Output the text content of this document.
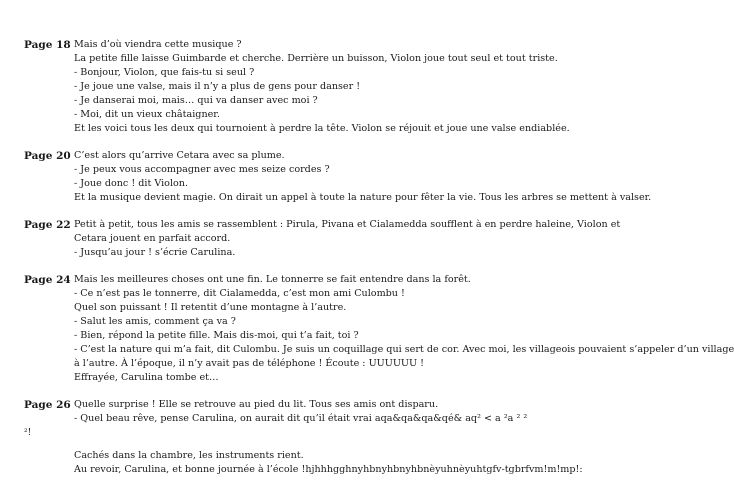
Page 18 Mais d’où viendra cette musique ?
La petite fille laisse Guimbarde et cherche. Derrière un buisson, Violon joue tout seul et tout triste.
- Bonjour, Violon, que fais-tu si seul ?
- Je joue une valse, mais il n’y a plus de gens pour danser !
- Je danserai moi, mais… qui va danser avec moi ?
- Moi, dit un vieux châtaigner.
Et les voici tous les deux qui tournoient à perdre la tête. Violon se réjouit et joue une valse endiablée.
Page 20 C’est alors qu’arrive Cetara avec sa plume.
- Je peux vous accompagner avec mes seize cordes ?
- Joue donc ! dit Violon.
Et la musique devient magie. On dirait un appel à toute la nature pour fêter la vie. Tous les arbres se mettent à valser.
Page 22 Petit à petit, tous les amis se rassemblent : Pirula, Pivana et Cialamedda soufflent à en perdre haleine, Violon et Cetara jouent en parfait accord.
- Jusqu’au jour ! s’écrie Carulina.
Page 24 Mais les meilleures choses ont une fin. Le tonnerre se fait entendre dans la forêt.
- Ce n’est pas le tonnerre, dit Cialamedda, c’est mon ami Culombu !
Quel son puissant ! Il retentit d’une montagne à l’autre.
- Salut les amis, comment ça va ?
- Bien, répond la petite fille. Mais dis-moi, qui t’a fait, toi ?
- C’est la nature qui m’a fait, dit Culombu. Je suis un coquillage qui sert de cor. Avec moi, les villageois pouvaient s’appeler d’un village
à l’autre. À l’époque, il n’y avait pas de téléphone ! Écoute : UUUUUU !
Effrayée, Carulina tombe et…
Page 26 Quelle surprise ! Elle se retrouve au pied du lit. Tous ses amis ont disparu.
- Quel beau rêve, pense Carulina, on aurait dit qu’il était vrai aqa&qa&qa&qé& aq² < a ²a ² ²
²!
Cachés dans la chambre, les instruments rient.
Au revoir, Carulina, et bonne journée à l’école !hjhhhgghnyhbnyhbnyhbnèyuhnèyuhtgfv-tgbrfvm!m!mp!:
